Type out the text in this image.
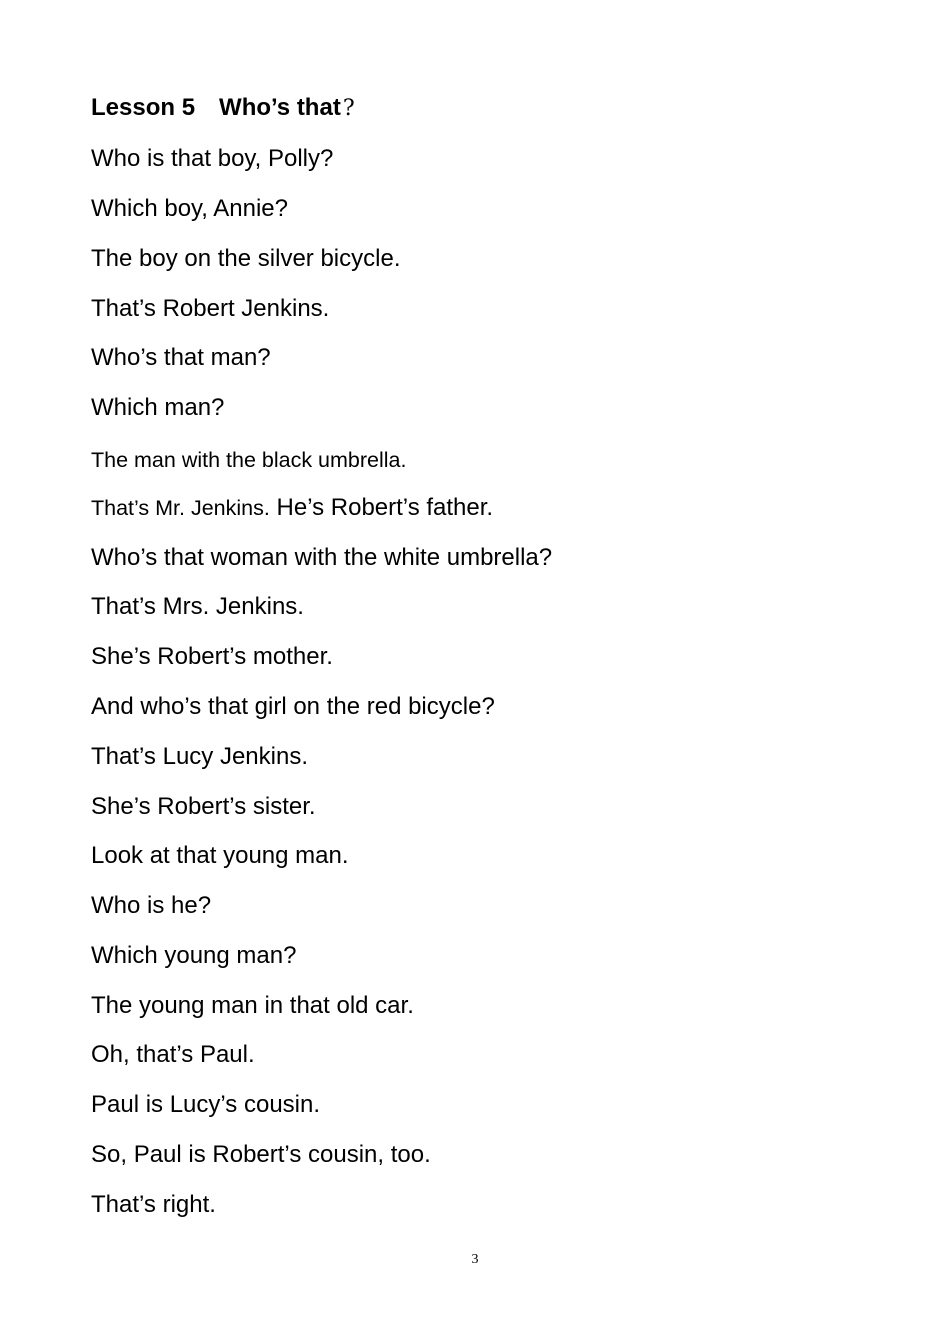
Lesson 5 Who’s that?
Who is that boy, Polly?
Which boy, Annie?
The boy on the silver bicycle.
That’s Robert Jenkins.
Who’s that man?
Which man?
The man with the black umbrella.
That’s Mr. Jenkins. He’s Robert’s father.
Who’s that woman with the white umbrella?
That’s Mrs. Jenkins.
She’s Robert’s mother.
And who’s that girl on the red bicycle?
That’s Lucy Jenkins.
She’s Robert’s sister.
Look at that young man.
Who is he?
Which young man?
The young man in that old car.
Oh, that’s Paul.
Paul is Lucy’s cousin.
So, Paul is Robert’s cousin, too.
That’s right.
3
